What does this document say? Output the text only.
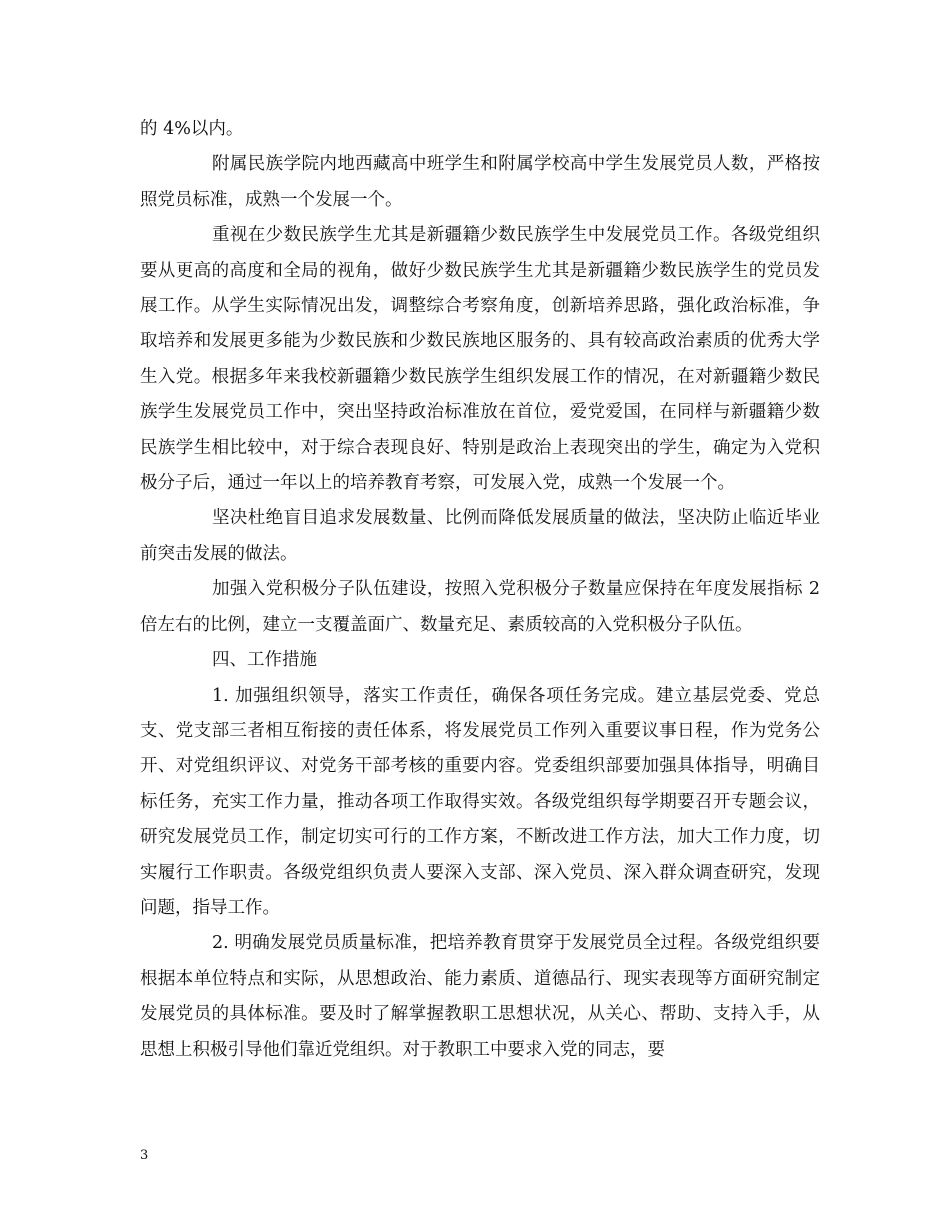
的 4%以内。

附属民族学院内地西藏高中班学生和附属学校高中学生发展党员人数，严格按照党员标准，成熟一个发展一个。

重视在少数民族学生尤其是新疆籍少数民族学生中发展党员工作。各级党组织要从更高的高度和全局的视角，做好少数民族学生尤其是新疆籍少数民族学生的党员发展工作。从学生实际情况出发，调整综合考察角度，创新培养思路，强化政治标准，争取培养和发展更多能为少数民族和少数民族地区服务的、具有较高政治素质的优秀大学生入党。根据多年来我校新疆籍少数民族学生组织发展工作的情况，在对新疆籍少数民族学生发展党员工作中，突出坚持政治标准放在首位，爱党爱国，在同样与新疆籍少数民族学生相比较中，对于综合表现良好、特别是政治上表现突出的学生，确定为入党积极分子后，通过一年以上的培养教育考察，可发展入党，成熟一个发展一个。

坚决杜绝盲目追求发展数量、比例而降低发展质量的做法，坚决防止临近毕业前突击发展的做法。

加强入党积极分子队伍建设，按照入党积极分子数量应保持在年度发展指标 2 倍左右的比例，建立一支覆盖面广、数量充足、素质较高的入党积极分子队伍。

四、工作措施

1. 加强组织领导，落实工作责任，确保各项任务完成。建立基层党委、党总支、党支部三者相互衔接的责任体系，将发展党员工作列入重要议事日程，作为党务公开、对党组织评议、对党务干部考核的重要内容。党委组织部要加强具体指导，明确目标任务，充实工作力量，推动各项工作取得实效。各级党组织每学期要召开专题会议，研究发展党员工作，制定切实可行的工作方案，不断改进工作方法，加大工作力度，切实履行工作职责。各级党组织负责人要深入支部、深入党员、深入群众调查研究，发现问题，指导工作。

2. 明确发展党员质量标准，把培养教育贯穿于发展党员全过程。各级党组织要根据本单位特点和实际，从思想政治、能力素质、道德品行、现实表现等方面研究制定发展党员的具体标准。要及时了解掌握教职工思想状况，从关心、帮助、支持入手，从思想上积极引导他们靠近党组织。对于教职工中要求入党的同志，要

3
